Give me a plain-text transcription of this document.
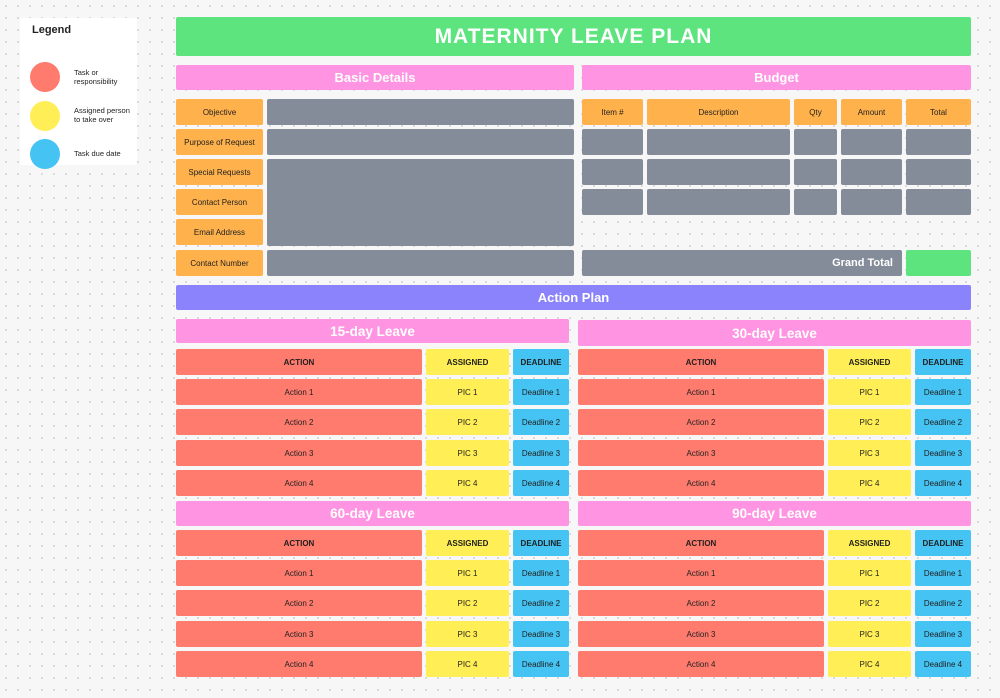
Legend
Task or responsibility
Assigned person to take over
Task due date
MATERNITY LEAVE PLAN
Basic Details
Objective
Purpose of Request
Special Requests
Contact Person
Email Address
Contact Number
Budget
Item #	Description	Qty	Amount	Total
Grand Total
Action Plan
15-day Leave
ACTION	ASSIGNED	DEADLINE
Action 1	PIC 1	Deadline 1
Action 2	PIC 2	Deadline 2
Action 3	PIC 3	Deadline 3
Action 4	PIC 4	Deadline 4
30-day Leave
ACTION	ASSIGNED	DEADLINE
Action 1	PIC 1	Deadline 1
Action 2	PIC 2	Deadline 2
Action 3	PIC 3	Deadline 3
Action 4	PIC 4	Deadline 4
60-day Leave
ACTION	ASSIGNED	DEADLINE
Action 1	PIC 1	Deadline 1
Action 2	PIC 2	Deadline 2
Action 3	PIC 3	Deadline 3
Action 4	PIC 4	Deadline 4
90-day Leave
ACTION	ASSIGNED	DEADLINE
Action 1	PIC 1	Deadline 1
Action 2	PIC 2	Deadline 2
Action 3	PIC 3	Deadline 3
Action 4	PIC 4	Deadline 4
